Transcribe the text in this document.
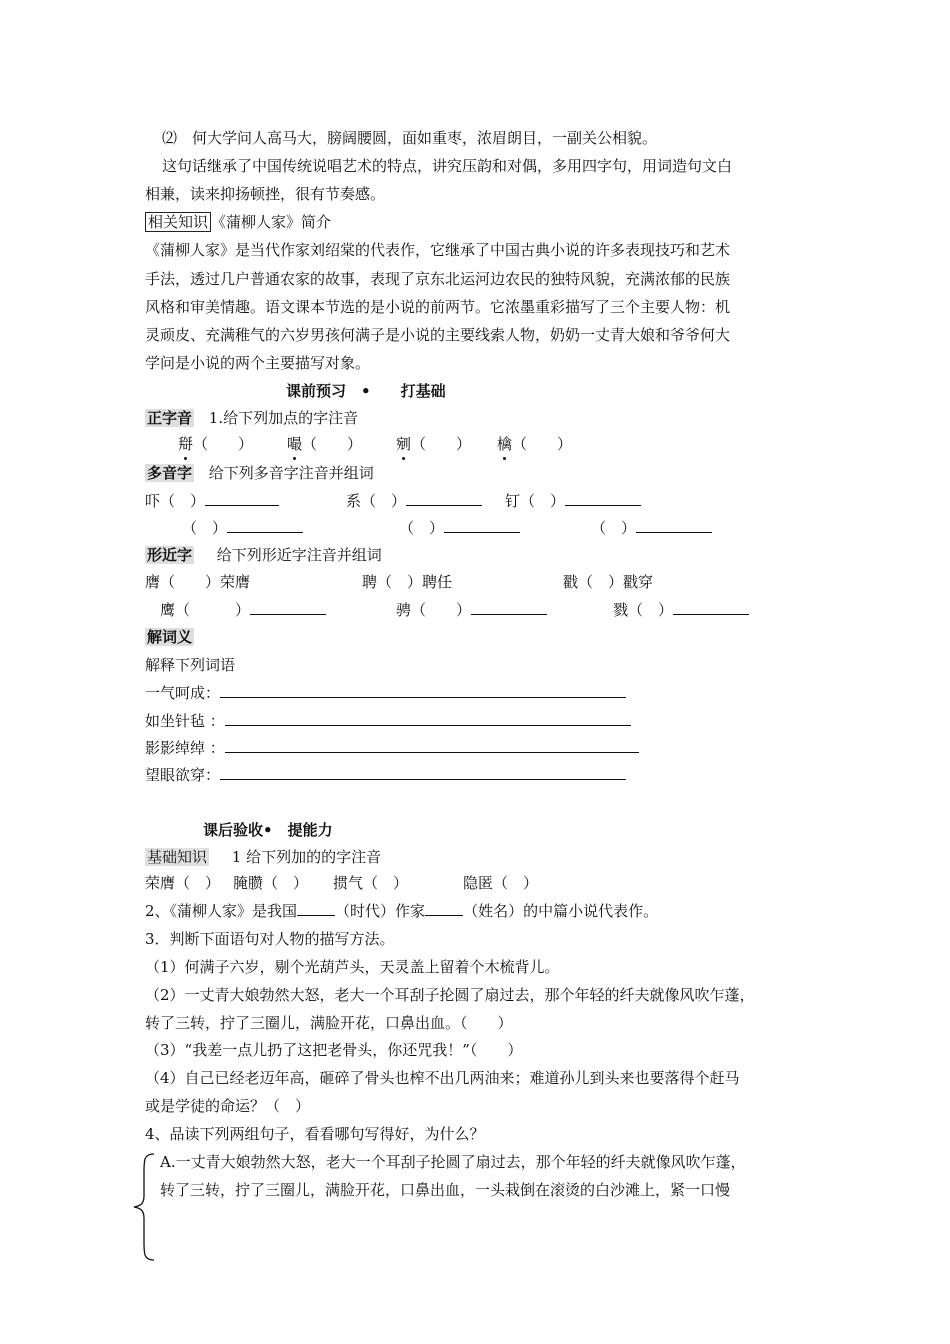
⑵　何大学问人高马大，膀阔腰圆，面如重枣，浓眉朗目，一副关公相貌。
这句话继承了中国传统说唱艺术的特点，讲究压韵和对偶，多用四字句，用词造句文白
相兼，读来抑扬顿挫，很有节奏感。
相关知识 《蒲柳人家》简介
《蒲柳人家》是当代作家刘绍棠的代表作，它继承了中国古典小说的许多表现技巧和艺术
手法，透过几户普通农家的故事，表现了京东北运河边农民的独特风貌，充满浓郁的民族
风格和审美情趣。语文课本节选的是小说的前两节。它浓墨重彩描写了三个主要人物：机
灵顽皮、充满稚气的六岁男孩何满子是小说的主要线索人物，奶奶一丈青大娘和爷爷何大
学问是小说的两个主要描写对象。
课前预习　•　　打基础
正字音 1.给下列加点的字注音
搿（　　） 嘬（　　） 剜（　　） 檎（　　）
多音字 给下列多音字注音并组词
吓（　）	系（　）	钉（　）
（　）	（　）	（　）
形近字 给下列形近字注音并组词
膺（　　）荣膺	聘（　）聘任	戳（　）戳穿
鹰（　　　）	骋（　　）	戮（　）
解词义
解释下列词语
一气呵成：
如坐针毡 ：
影影绰绰 ：
望眼欲穿：
课后验收•　提能力
基础知识 1 给下列加的的字注音
荣膺（　） 腌臜（　） 掼气（　）	隐匿（　）
2、《蒲柳人家》是我国	（时代）作家	（姓名）的中篇小说代表作。
3．判断下面语句对人物的描写方法。
（1）何满子六岁，剔个光葫芦头，天灵盖上留着个木梳背儿。
（2）一丈青大娘勃然大怒，老大一个耳刮子抡圆了扇过去，那个年轻的纤夫就像风吹乍蓬，
转了三转，拧了三圈儿，满脸开花，口鼻出血。（　　）
（3）“我差一点儿扔了这把老骨头，你还咒我！”（　　）
（4）自己已经老迈年高，砸碎了骨头也榨不出几两油来；难道孙儿到头来也要落得个赶马
或是学徒的命运？（　）
4、品读下列两组句子，看看哪句写得好，为什么？
A.一丈青大娘勃然大怒，老大一个耳刮子抡圆了扇过去，那个年轻的纤夫就像风吹乍蓬，
转了三转，拧了三圈儿，满脸开花，口鼻出血，一头栽倒在滚烫的白沙滩上，紧一口慢
